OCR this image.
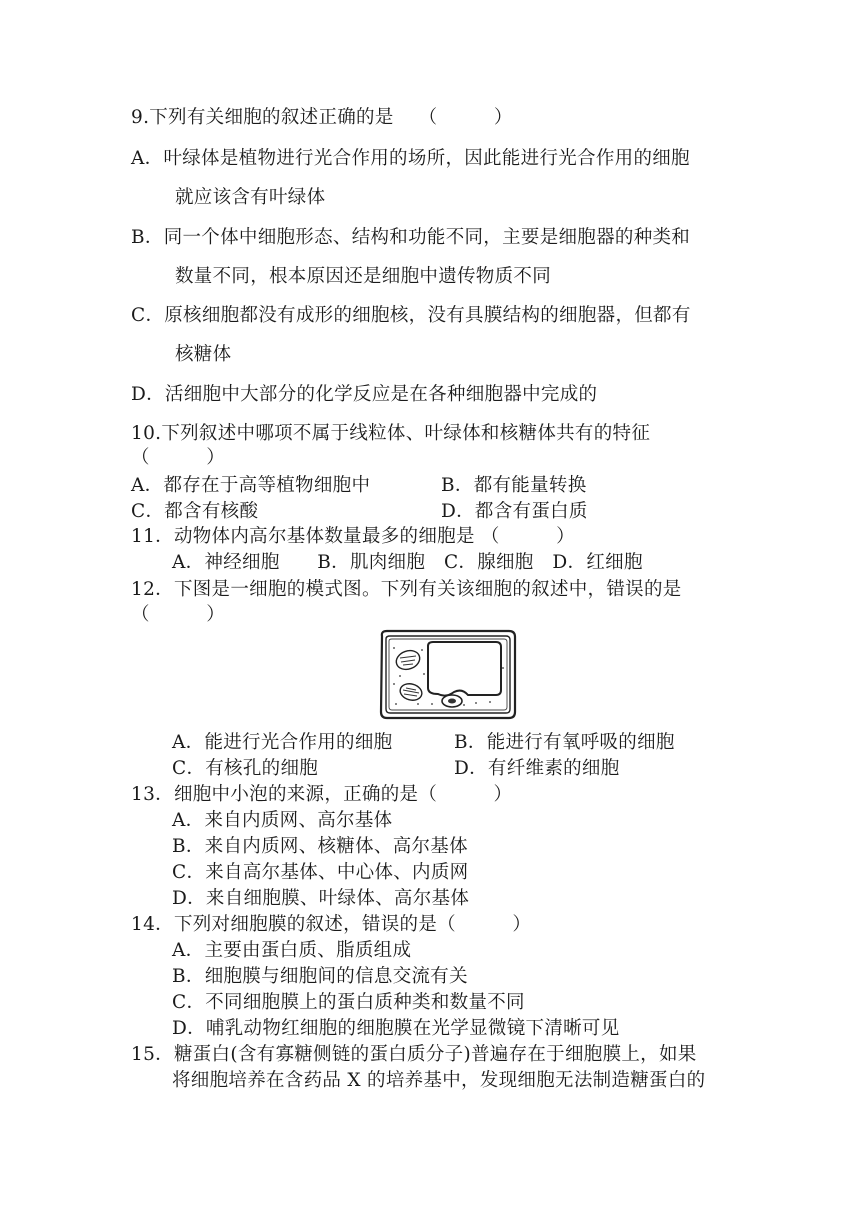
9.下列有关细胞的叙述正确的是　 （　　　）
A．叶绿体是植物进行光合作用的场所，因此能进行光合作用的细胞
就应该含有叶绿体
B．同一个体中细胞形态、结构和功能不同，主要是细胞器的种类和
数量不同，根本原因还是细胞中遗传物质不同
C．原核细胞都没有成形的细胞核，没有具膜结构的细胞器，但都有
核糖体
D．活细胞中大部分的化学反应是在各种细胞器中完成的
10.下列叙述中哪项不属于线粒体、叶绿体和核糖体共有的特征
（　　　）
A．都存在于高等植物细胞中	B．都有能量转换
C．都含有核酸	D．都含有蛋白质
11．动物体内高尔基体数量最多的细胞是 （　　　）
A．神经细胞　　B．肌肉细胞　C．腺细胞　D．红细胞
12．下图是一细胞的模式图。下列有关该细胞的叙述中，错误的是
（　　　）
A．能进行光合作用的细胞	B．能进行有氧呼吸的细胞
C．有核孔的细胞	D．有纤维素的细胞
13．细胞中小泡的来源，正确的是（　　　）
A．来自内质网、高尔基体
B．来自内质网、核糖体、高尔基体
C．来自高尔基体、中心体、内质网
D．来自细胞膜、叶绿体、高尔基体
14．下列对细胞膜的叙述，错误的是（　　　）
A．主要由蛋白质、脂质组成
B．细胞膜与细胞间的信息交流有关
C．不同细胞膜上的蛋白质种类和数量不同
D．哺乳动物红细胞的细胞膜在光学显微镜下清晰可见
15．糖蛋白(含有寡糖侧链的蛋白质分子)普遍存在于细胞膜上，如果
将细胞培养在含药品 X 的培养基中，发现细胞无法制造糖蛋白的
